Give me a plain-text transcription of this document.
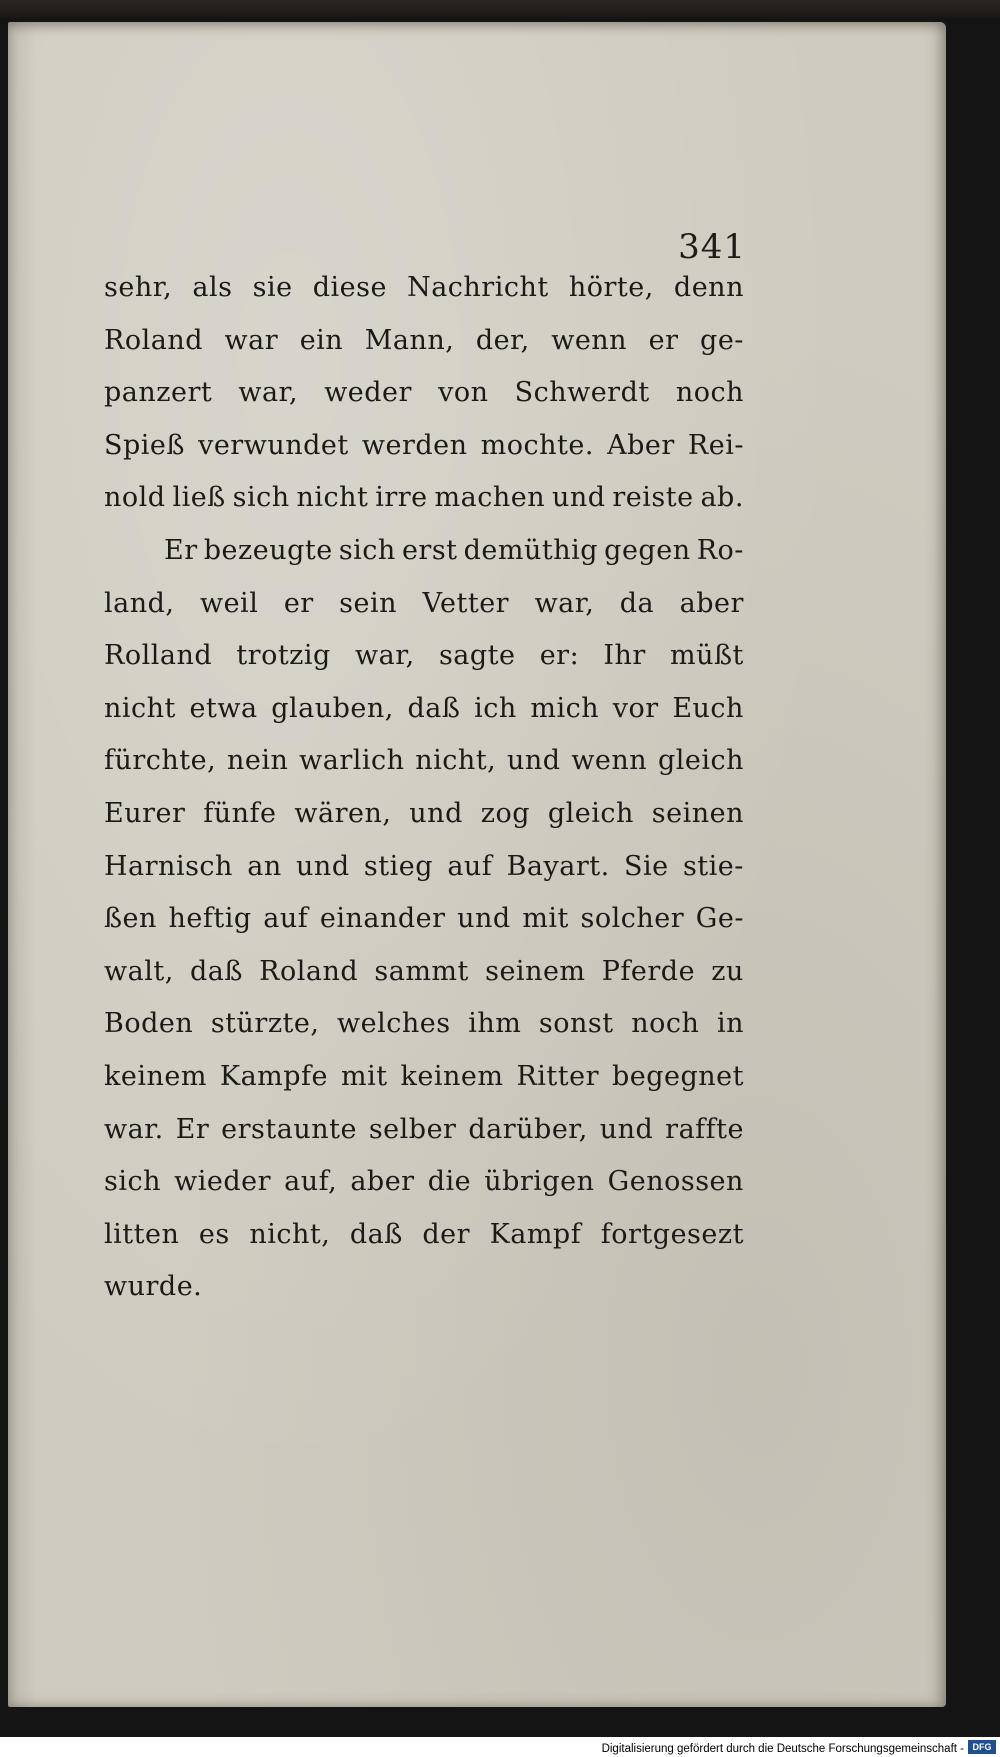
341
sehr, als sie diese Nachricht hörte, denn
Roland war ein Mann, der, wenn er ge-
panzert war, weder von Schwerdt noch
Spieß verwundet werden mochte. Aber Rei-
nold ließ sich nicht irre machen und reiste ab.
Er bezeugte sich erst demüthig gegen Ro-
land, weil er sein Vetter war, da aber
Rolland trotzig war, sagte er: Ihr müßt
nicht etwa glauben, daß ich mich vor Euch
fürchte, nein warlich nicht, und wenn gleich
Eurer fünfe wären, und zog gleich seinen
Harnisch an und stieg auf Bayart. Sie stie-
ßen heftig auf einander und mit solcher Ge-
walt, daß Roland sammt seinem Pferde zu
Boden stürzte, welches ihm sonst noch in
keinem Kampfe mit keinem Ritter begegnet
war. Er erstaunte selber darüber, und raffte
sich wieder auf, aber die übrigen Genossen
litten es nicht, daß der Kampf fortgesezt
wurde.
Digitalisierung gefördert durch die Deutsche Forschungsgemeinschaft - DFG
